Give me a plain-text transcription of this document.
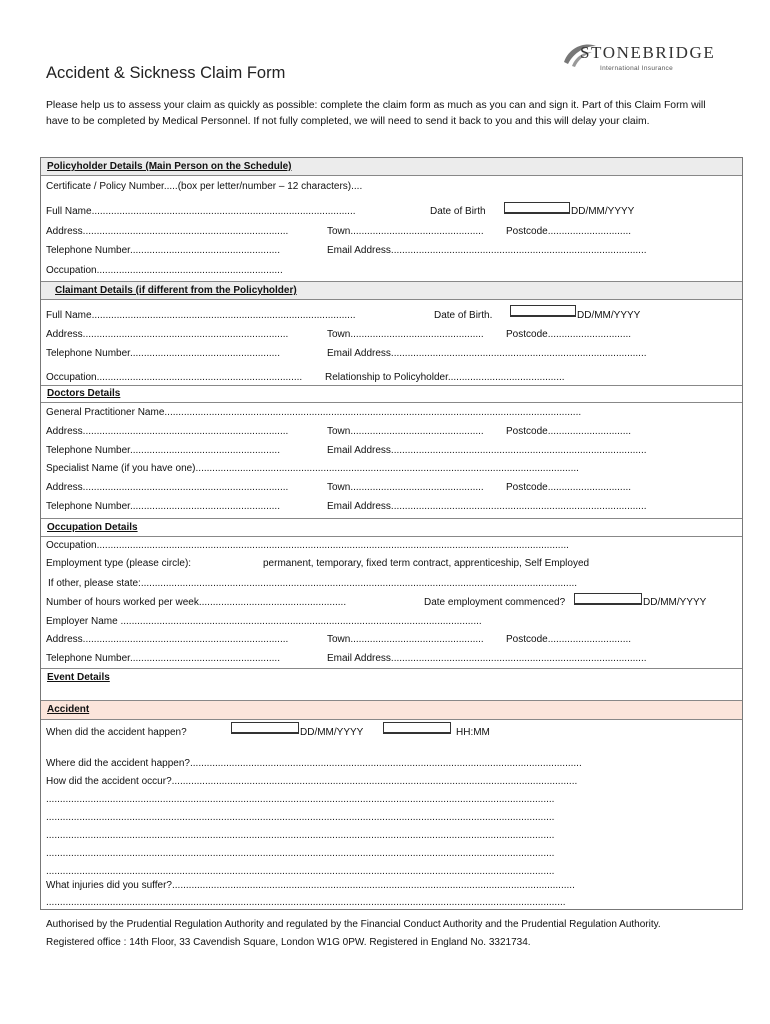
STONEBRIDGE
International Insurance
Accident & Sickness Claim Form

Please help us to assess your claim as quickly as possible: complete the claim form as much as you can and sign it. Part of this Claim Form will have to be completed by Medical Personnel. If not fully completed, we will need to send it back to you and this will delay your claim.

Policyholder Details (Main Person on the Schedule)
Certificate / Policy Number.....(box per letter/number – 12 characters)....
Full Name...............................................................................................	Date of Birth	DD/MM/YYYY
Address..........................................................................	Town................................................ Postcode..............................
Telephone Number......................................................	Email Address............................................................................................
Occupation...................................................................
Claimant Details (if different from the Policyholder)
Full Name...............................................................................................	Date of Birth.	DD/MM/YYYY
Address..........................................................................	Town................................................ Postcode..............................
Telephone Number......................................................	Email Address............................................................................................
Occupation.......................................................................... Relationship to Policyholder..........................................
Doctors Details
General Practitioner Name......................................................................................................................................................
Address..........................................................................	Town................................................ Postcode..............................
Telephone Number......................................................	Email Address............................................................................................
Specialist Name (if you have one)..........................................................................................................................................
Address..........................................................................	Town................................................ Postcode..............................
Telephone Number......................................................	Email Address............................................................................................
Occupation Details
Occupation..........................................................................................................................................................................
Employment type (please circle):	permanent, temporary, fixed term contract, apprenticeship, Self Employed
If other, please state:.............................................................................................................................................................
Number of hours worked per week.....................................................	Date employment commenced?	DD/MM/YYYY
Employer Name ..................................................................................................................................
Address..........................................................................	Town................................................ Postcode..............................
Telephone Number......................................................	Email Address............................................................................................
Event Details
Accident
When did the accident happen?	DD/MM/YYYY	HH:MM
Where did the accident happen?.............................................................................................................................................
How did the accident occur?..................................................................................................................................................
.......................................................................................................................................................................................
.......................................................................................................................................................................................
.......................................................................................................................................................................................
.......................................................................................................................................................................................
.......................................................................................................................................................................................
What injuries did you suffer?.................................................................................................................................................
...........................................................................................................................................................................................
Authorised by the Prudential Regulation Authority and regulated by the Financial Conduct Authority and the Prudential Regulation Authority. Registered office : 14th Floor, 33 Cavendish Square, London W1G 0PW. Registered in England No. 3321734.
